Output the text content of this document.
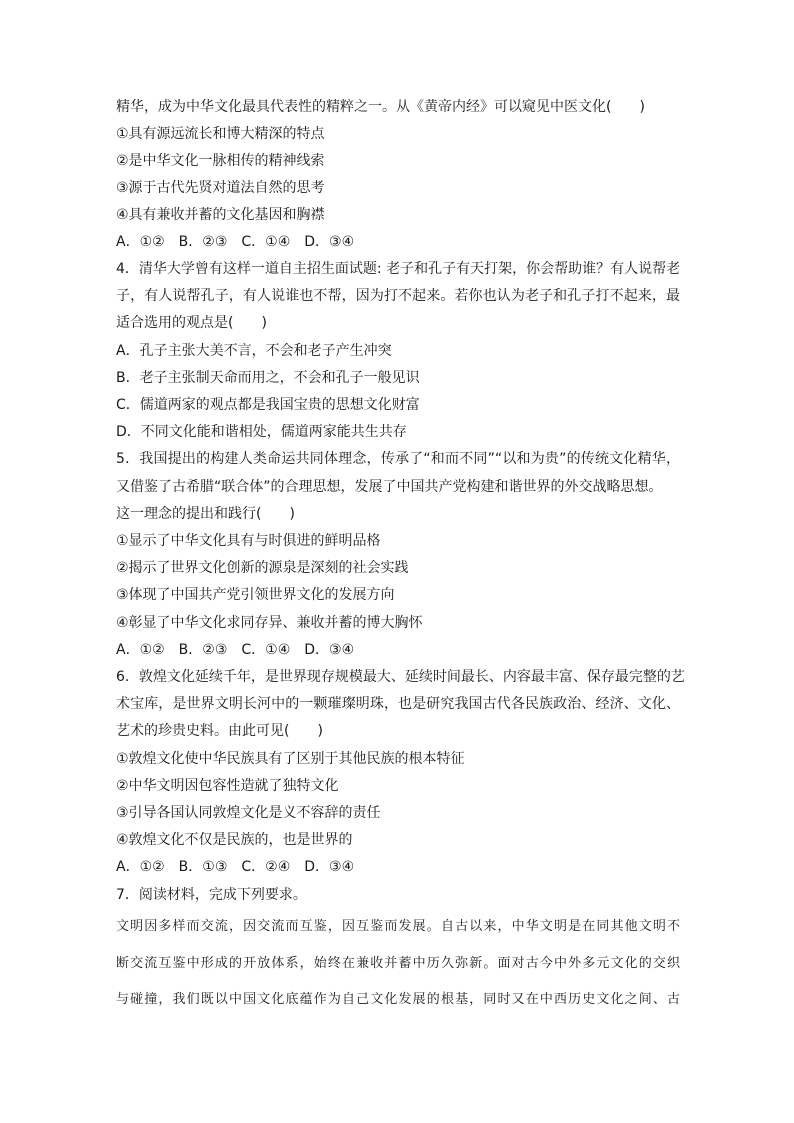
精华，成为中华文化最具代表性的精粹之一。从《黄帝内经》可以窥见中医文化(　　)
①具有源远流长和博大精深的特点
②是中华文化一脉相传的精神线索
③源于古代先贤对道法自然的思考
④具有兼收并蓄的文化基因和胸襟
A．①②　B．②③　C．①④　D．③④
4．清华大学曾有这样一道自主招生面试题: 老子和孔子有天打架，你会帮助谁？有人说帮老
子，有人说帮孔子，有人说谁也不帮，因为打不起来。若你也认为老子和孔子打不起来，最
适合选用的观点是(　　)
A．孔子主张大美不言，不会和老子产生冲突
B．老子主张制天命而用之，不会和孔子一般见识
C．儒道两家的观点都是我国宝贵的思想文化财富
D．不同文化能和谐相处，儒道两家能共生共存
5．我国提出的构建人类命运共同体理念，传承了“和而不同”“以和为贵”的传统文化精华，
又借鉴了古希腊“联合体”的合理思想，发展了中国共产党构建和谐世界的外交战略思想。
这一理念的提出和践行(　　)
①显示了中华文化具有与时俱进的鲜明品格
②揭示了世界文化创新的源泉是深刻的社会实践
③体现了中国共产党引领世界文化的发展方向
④彰显了中华文化求同存异、兼收并蓄的博大胸怀
A．①②　B．②③　C．①④　D．③④
6．敦煌文化延续千年，是世界现存规模最大、延续时间最长、内容最丰富、保存最完整的艺
术宝库，是世界文明长河中的一颗璀璨明珠，也是研究我国古代各民族政治、经济、文化、
艺术的珍贵史料。由此可见(　　)
①敦煌文化使中华民族具有了区别于其他民族的根本特征
②中华文明因包容性造就了独特文化
③引导各国认同敦煌文化是义不容辞的责任
④敦煌文化不仅是民族的，也是世界的
A．①②　B．①③　C．②④　D．③④
7．阅读材料，完成下列要求。
文明因多样而交流，因交流而互鉴，因互鉴而发展。自古以来，中华文明是在同其他文明不
断交流互鉴中形成的开放体系，始终在兼收并蓄中历久弥新。面对古今中外多元文化的交织
与碰撞，我们既以中国文化底蕴作为自己文化发展的根基，同时又在中西历史文化之间、古
